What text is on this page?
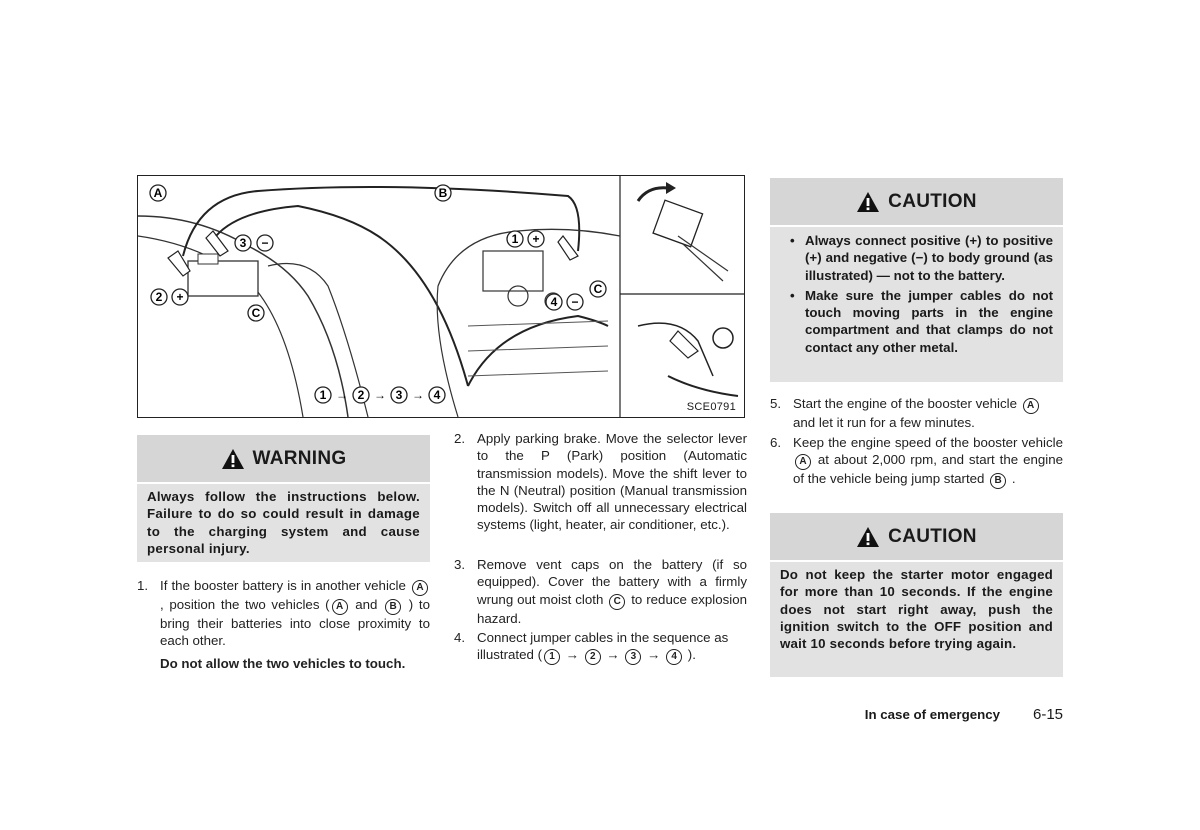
A	B
C
C
3 −
2 +
1 +
4 −
1 → 2 → 3 → 4
SCE0791
WARNING
Always follow the instructions below. Failure to do so could result in damage to the charging system and cause personal injury.
1. If the booster battery is in another vehicle A , position the two vehicles ( A and B ) to bring their batteries into close proximity to each other.
Do not allow the two vehicles to touch.
2. Apply parking brake. Move the selector lever to the P (Park) position (Automatic transmission models). Move the shift lever to the N (Neutral) position (Manual transmission models). Switch off all unnecessary electrical systems (light, heater, air conditioner, etc.).
3. Remove vent caps on the battery (if so equipped). Cover the battery with a firmly wrung out moist cloth C to reduce explosion hazard.
4. Connect jumper cables in the sequence as illustrated ( 1 → 2 → 3 → 4 ).
CAUTION
• Always connect positive (+) to positive (+) and negative (−) to body ground (as illustrated) — not to the battery.
• Make sure the jumper cables do not touch moving parts in the engine compartment and that clamps do not contact any other metal.
5. Start the engine of the booster vehicle A
and let it run for a few minutes.
6. Keep the engine speed of the booster vehicle A at about 2,000 rpm, and start the engine of the vehicle being jump started B .
CAUTION
Do not keep the starter motor engaged for more than 10 seconds. If the engine does not start right away, push the ignition switch to the OFF position and wait 10 seconds before trying again.
In case of emergency 6-15
